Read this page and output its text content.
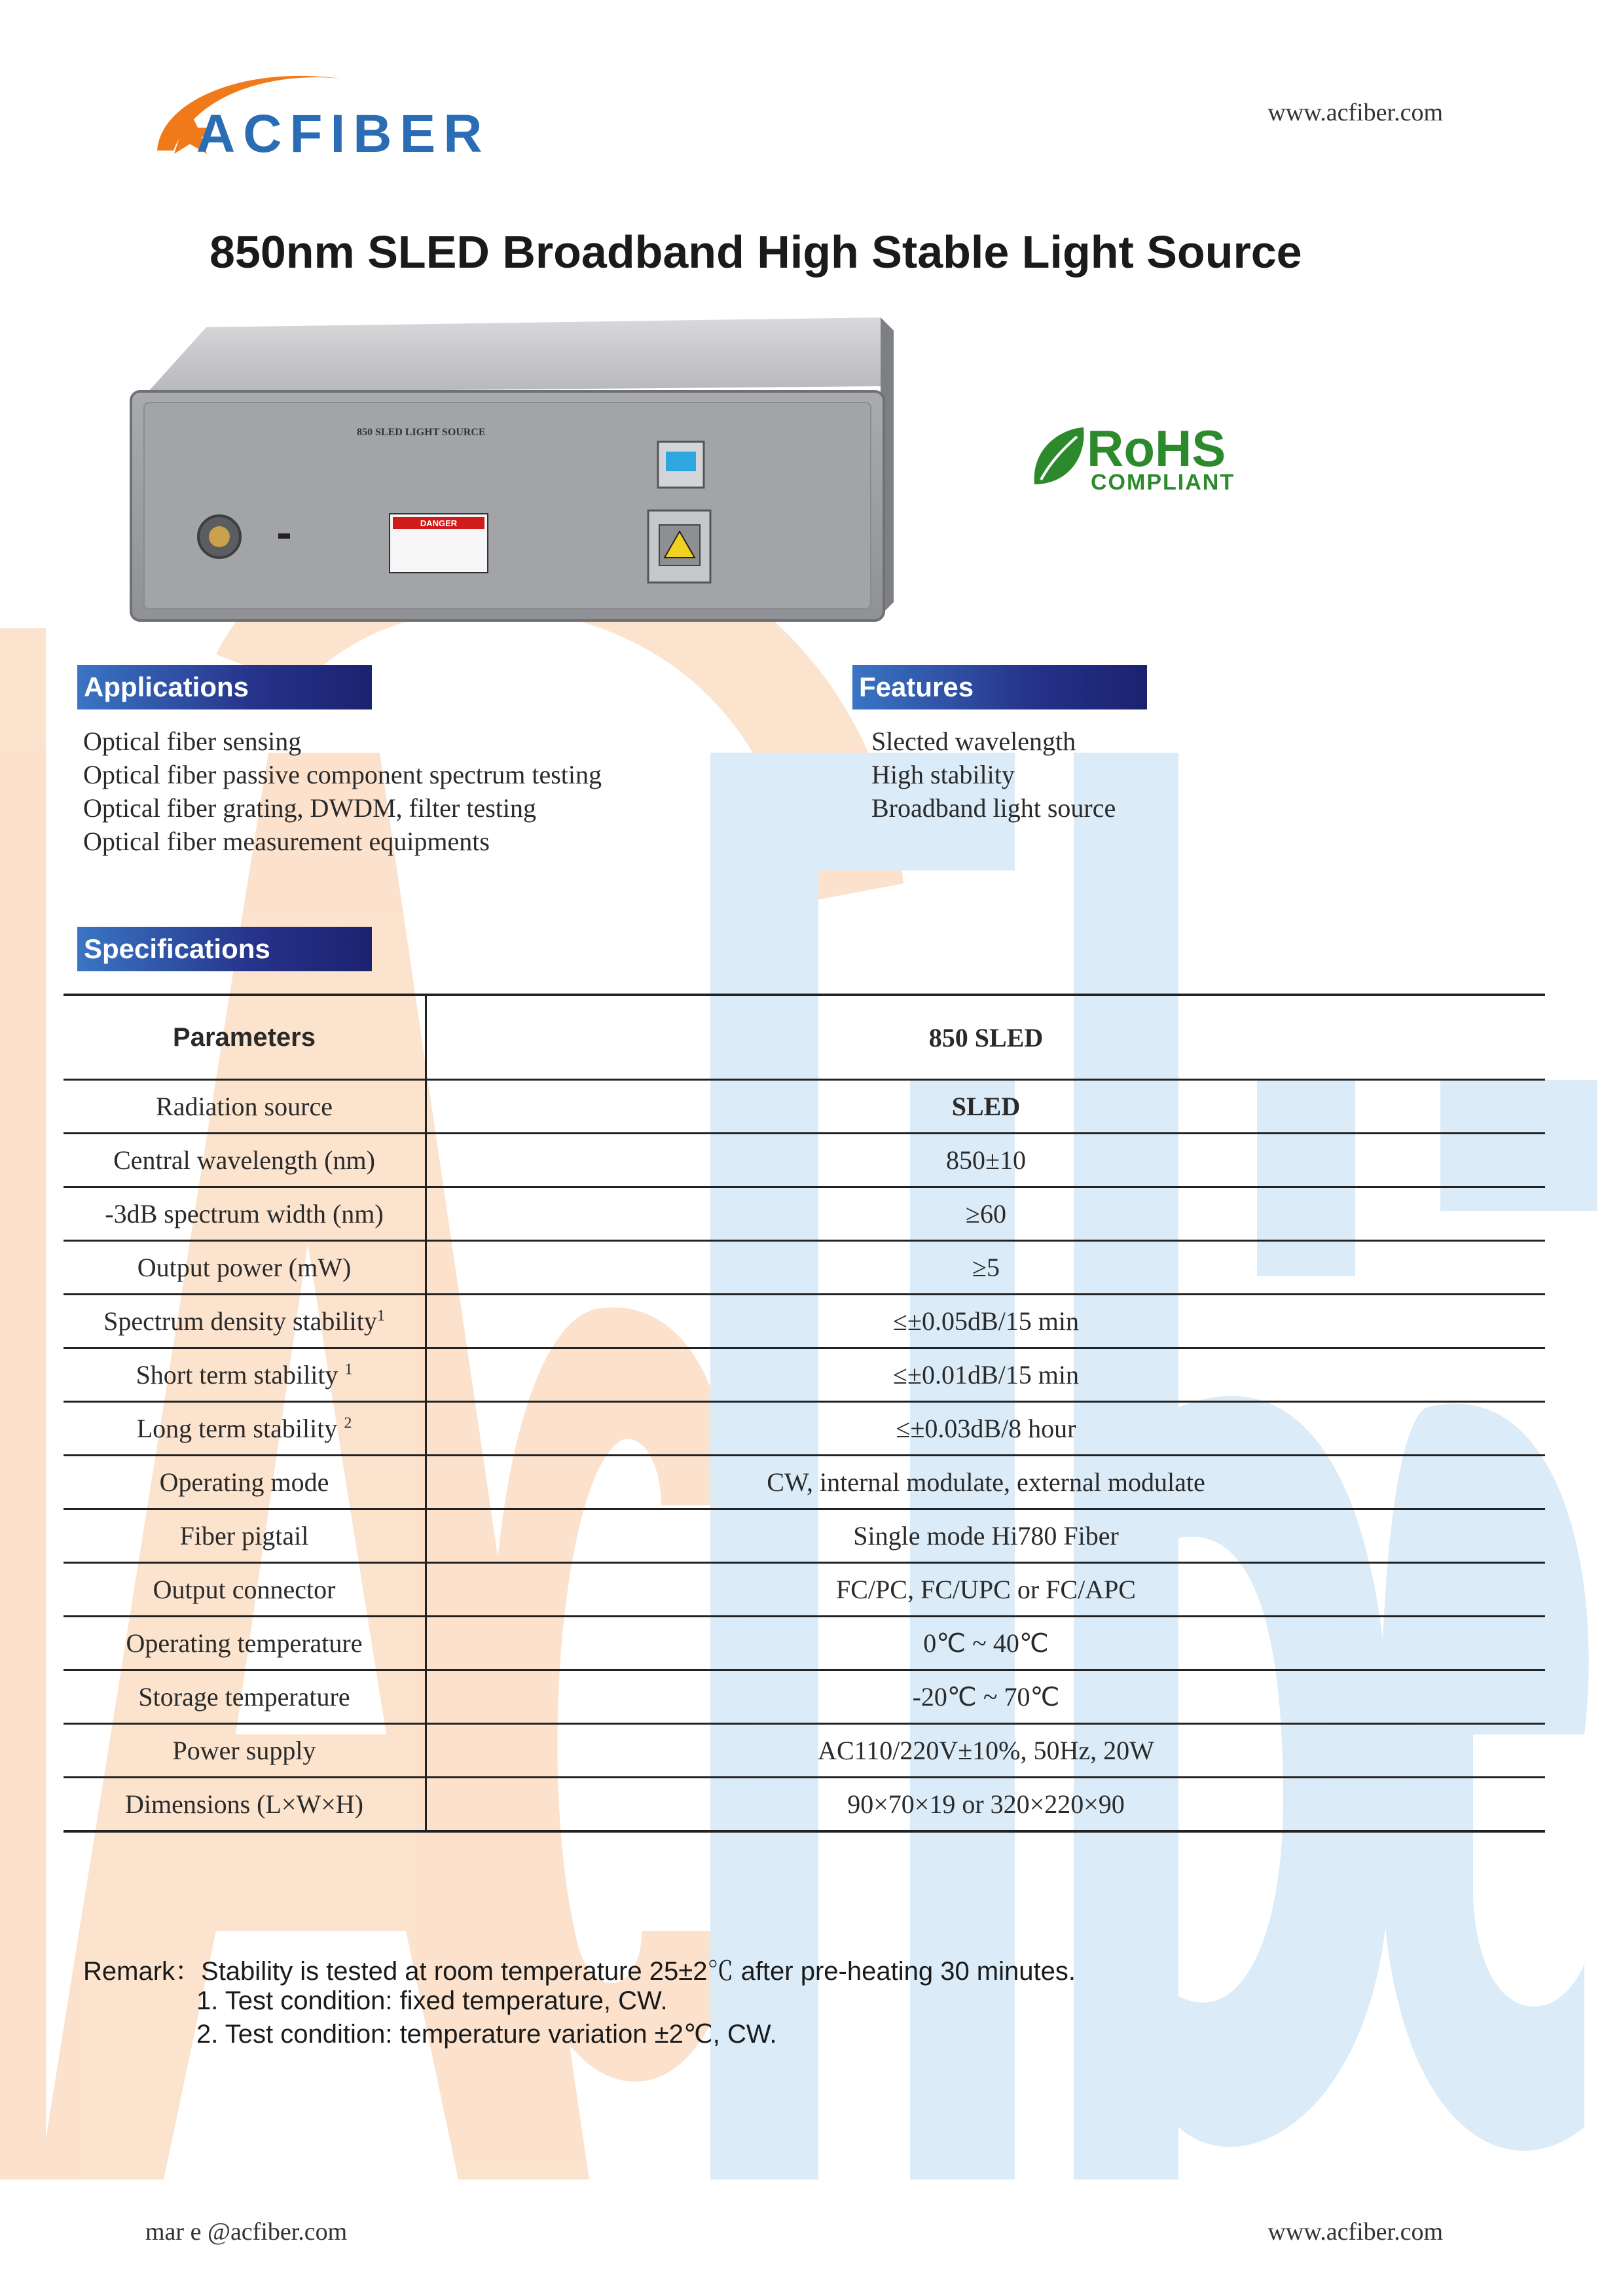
ACFIBER	www.acfiber.com
850nm SLED Broadband High Stable Light Source
850 SLED LIGHT SOURCE
DANGER
RoHS
COMPLIANT
Applications
Optical fiber sensing
Optical fiber passive component spectrum testing
Optical fiber grating, DWDM, filter testing
Optical fiber measurement equipments
Features
Slected wavelength
High stability
Broadband light source
Specifications
Parameters	850 SLED
Radiation source	SLED
Central wavelength (nm)	850±10
-3dB spectrum width (nm)	≥60
Output power (mW)	≥5
Spectrum density stability$^1$	≤±0.05dB/15 min
Short term stability $^1$	≤±0.01dB/15 min
Long term stability $^2$	≤±0.03dB/8 hour
Operating mode	CW, internal modulate, external modulate
Fiber pigtail	Single mode Hi780 Fiber
Output connector	FC/PC, FC/UPC or FC/APC
Operating temperature	0℃ ~ 40℃
Storage temperature	-20℃ ~ 70℃
Power supply	AC110/220V±10%, 50Hz, 20W
Dimensions (L×W×H)	90×70×19 or 320×220×90
Remark：Stability is tested at room temperature 25±2℃ after pre-heating 30 minutes.
1. Test condition: fixed temperature, CW.
2. Test condition: temperature variation ±2℃, CW.
mar e @acfiber.com	www.acfiber.com
